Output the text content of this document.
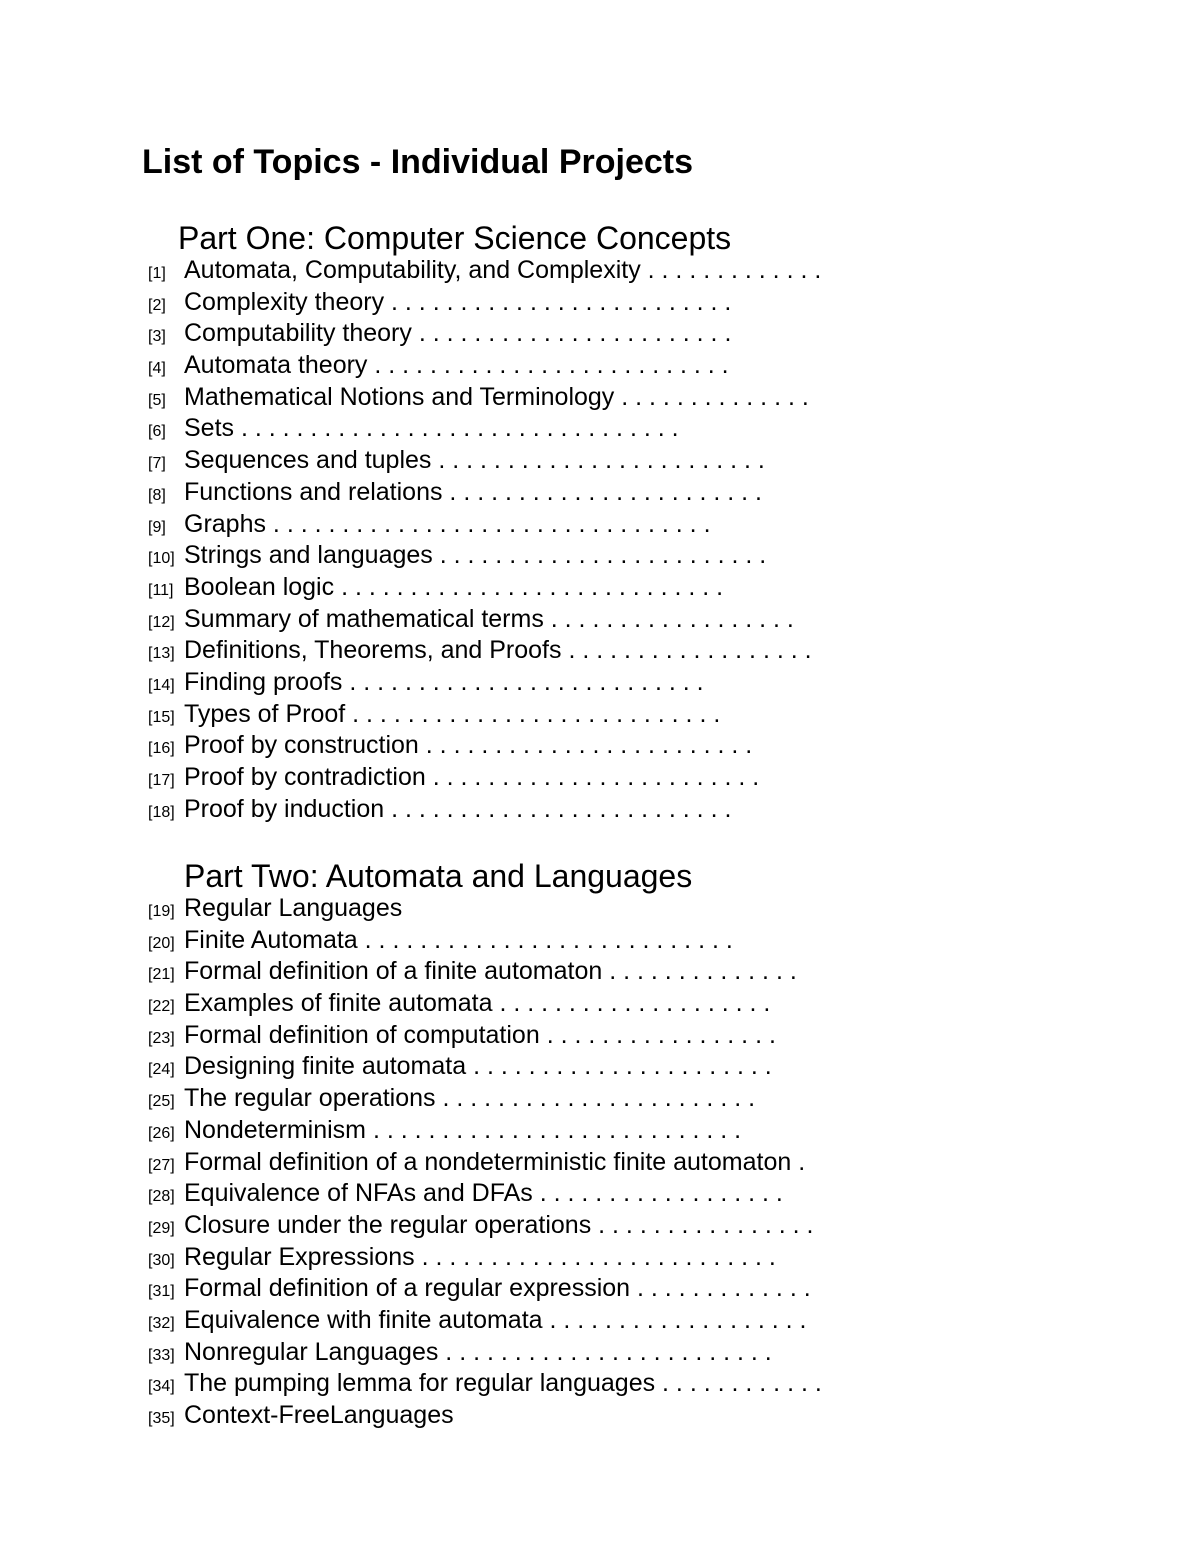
List of Topics - Individual Projects
Part One: Computer Science Concepts
[1] Automata, Computability, and Complexity . . . . . . . . . . . . .
[2] Complexity theory . . . . . . . . . . . . . . . . . . . . . . . . .
[3] Computability theory . . . . . . . . . . . . . . . . . . . . . . .
[4] Automata theory . . . . . . . . . . . . . . . . . . . . . . . . . .
[5] Mathematical Notions and Terminology . . . . . . . . . . . . . .
[6] Sets . . . . . . . . . . . . . . . . . . . . . . . . . . . . . . . .
[7] Sequences and tuples . . . . . . . . . . . . . . . . . . . . . . . .
[8] Functions and relations . . . . . . . . . . . . . . . . . . . . . . .
[9] Graphs . . . . . . . . . . . . . . . . . . . . . . . . . . . . . . . .
[10] Strings and languages . . . . . . . . . . . . . . . . . . . . . . . .
[11] Boolean logic . . . . . . . . . . . . . . . . . . . . . . . . . . . .
[12] Summary of mathematical terms . . . . . . . . . . . . . . . . . .
[13] Definitions, Theorems, and Proofs . . . . . . . . . . . . . . . . . .
[14] Finding proofs . . . . . . . . . . . . . . . . . . . . . . . . . .
[15] Types of Proof . . . . . . . . . . . . . . . . . . . . . . . . . . .
[16] Proof by construction . . . . . . . . . . . . . . . . . . . . . . . .
[17] Proof by contradiction . . . . . . . . . . . . . . . . . . . . . . . .
[18] Proof by induction . . . . . . . . . . . . . . . . . . . . . . . . .
Part Two: Automata and Languages
[19] Regular Languages
[20] Finite Automata . . . . . . . . . . . . . . . . . . . . . . . . . . .
[21] Formal definition of a finite automaton . . . . . . . . . . . . . .
[22] Examples of finite automata . . . . . . . . . . . . . . . . . . . .
[23] Formal definition of computation . . . . . . . . . . . . . . . . .
[24] Designing finite automata . . . . . . . . . . . . . . . . . . . . . .
[25] The regular operations . . . . . . . . . . . . . . . . . . . . . . .
[26] Nondeterminism . . . . . . . . . . . . . . . . . . . . . . . . . . .
[27] Formal definition of a nondeterministic finite automaton .
[28] Equivalence of NFAs and DFAs . . . . . . . . . . . . . . . . . .
[29] Closure under the regular operations . . . . . . . . . . . . . . . .
[30] Regular Expressions . . . . . . . . . . . . . . . . . . . . . . . . . .
[31] Formal definition of a regular expression . . . . . . . . . . . . .
[32] Equivalence with finite automata . . . . . . . . . . . . . . . . . . .
[33] Nonregular Languages . . . . . . . . . . . . . . . . . . . . . . . .
[34] The pumping lemma for regular languages . . . . . . . . . . . .
[35] Context-FreeLanguages
